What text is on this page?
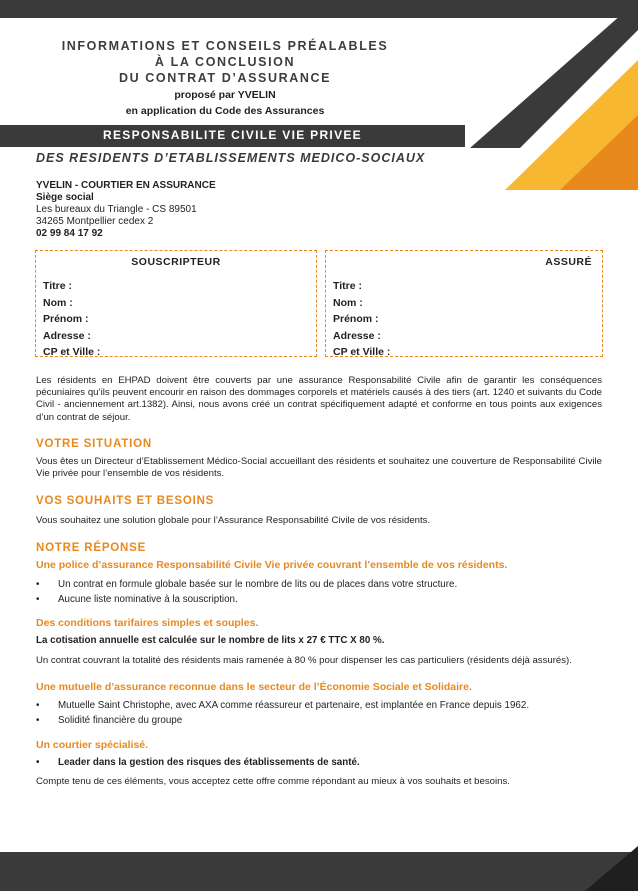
INFORMATIONS ET CONSEILS PRÉALABLES
À LA CONCLUSION
DU CONTRAT D’ASSURANCE
proposé par YVELIN
en application du Code des Assurances
RESPONSABILITE CIVILE VIE PRIVEE
DES RESIDENTS D’ETABLISSEMENTS MEDICO-SOCIAUX
YVELIN - COURTIER EN ASSURANCE
Siège social
Les bureaux du Triangle - CS 89501
34265 Montpellier cedex 2
02 99 84 17 92
SOUSCRIPTEUR
Titre :
Nom :
Prénom :
Adresse :
CP et Ville :
ASSURÉ
Titre :
Nom :
Prénom :
Adresse :
CP et Ville :
Les résidents en EHPAD doivent être couverts par une assurance Responsabilité Civile afin de garantir les conséquences pécuniaires qu’ils peuvent encourir en raison des dommages corporels et matériels causés à des tiers (art. 1240 et suivants du Code Civil - anciennement art.1382). Ainsi, nous avons créé un contrat spécifiquement adapté et conforme en tous points aux exigences d’un contrat de séjour.
VOTRE SITUATION
Vous êtes un Directeur d’Etablissement Médico-Social accueillant des résidents et souhaitez une couverture de Responsabilité Civile Vie privée pour l’ensemble de vos résidents.
VOS SOUHAITS ET BESOINS
Vous souhaitez une solution globale pour l’Assurance Responsabilité Civile de vos résidents.
NOTRE RÉPONSE
Une police d’assurance Responsabilité Civile Vie privée couvrant l’ensemble de vos résidents.
• Un contrat en formule globale basée sur le nombre de lits ou de places dans votre structure.
• Aucune liste nominative à la souscription.
Des conditions tarifaires simples et souples.
La cotisation annuelle est calculée sur le nombre de lits x 27 € TTC X 80 %.
Un contrat couvrant la totalité des résidents mais ramenée à 80 % pour dispenser les cas particuliers (résidents déjà assurés).
Une mutuelle d’assurance reconnue dans le secteur de l’Économie Sociale et Solidaire.
• Mutuelle Saint Christophe, avec AXA comme réassureur et partenaire, est implantée en France depuis 1962.
• Solidité financière du groupe
Un courtier spécialisé.
• Leader dans la gestion des risques des établissements de santé.
Compte tenu de ces éléments, vous acceptez cette offre comme répondant au mieux à vos souhaits et besoins.
